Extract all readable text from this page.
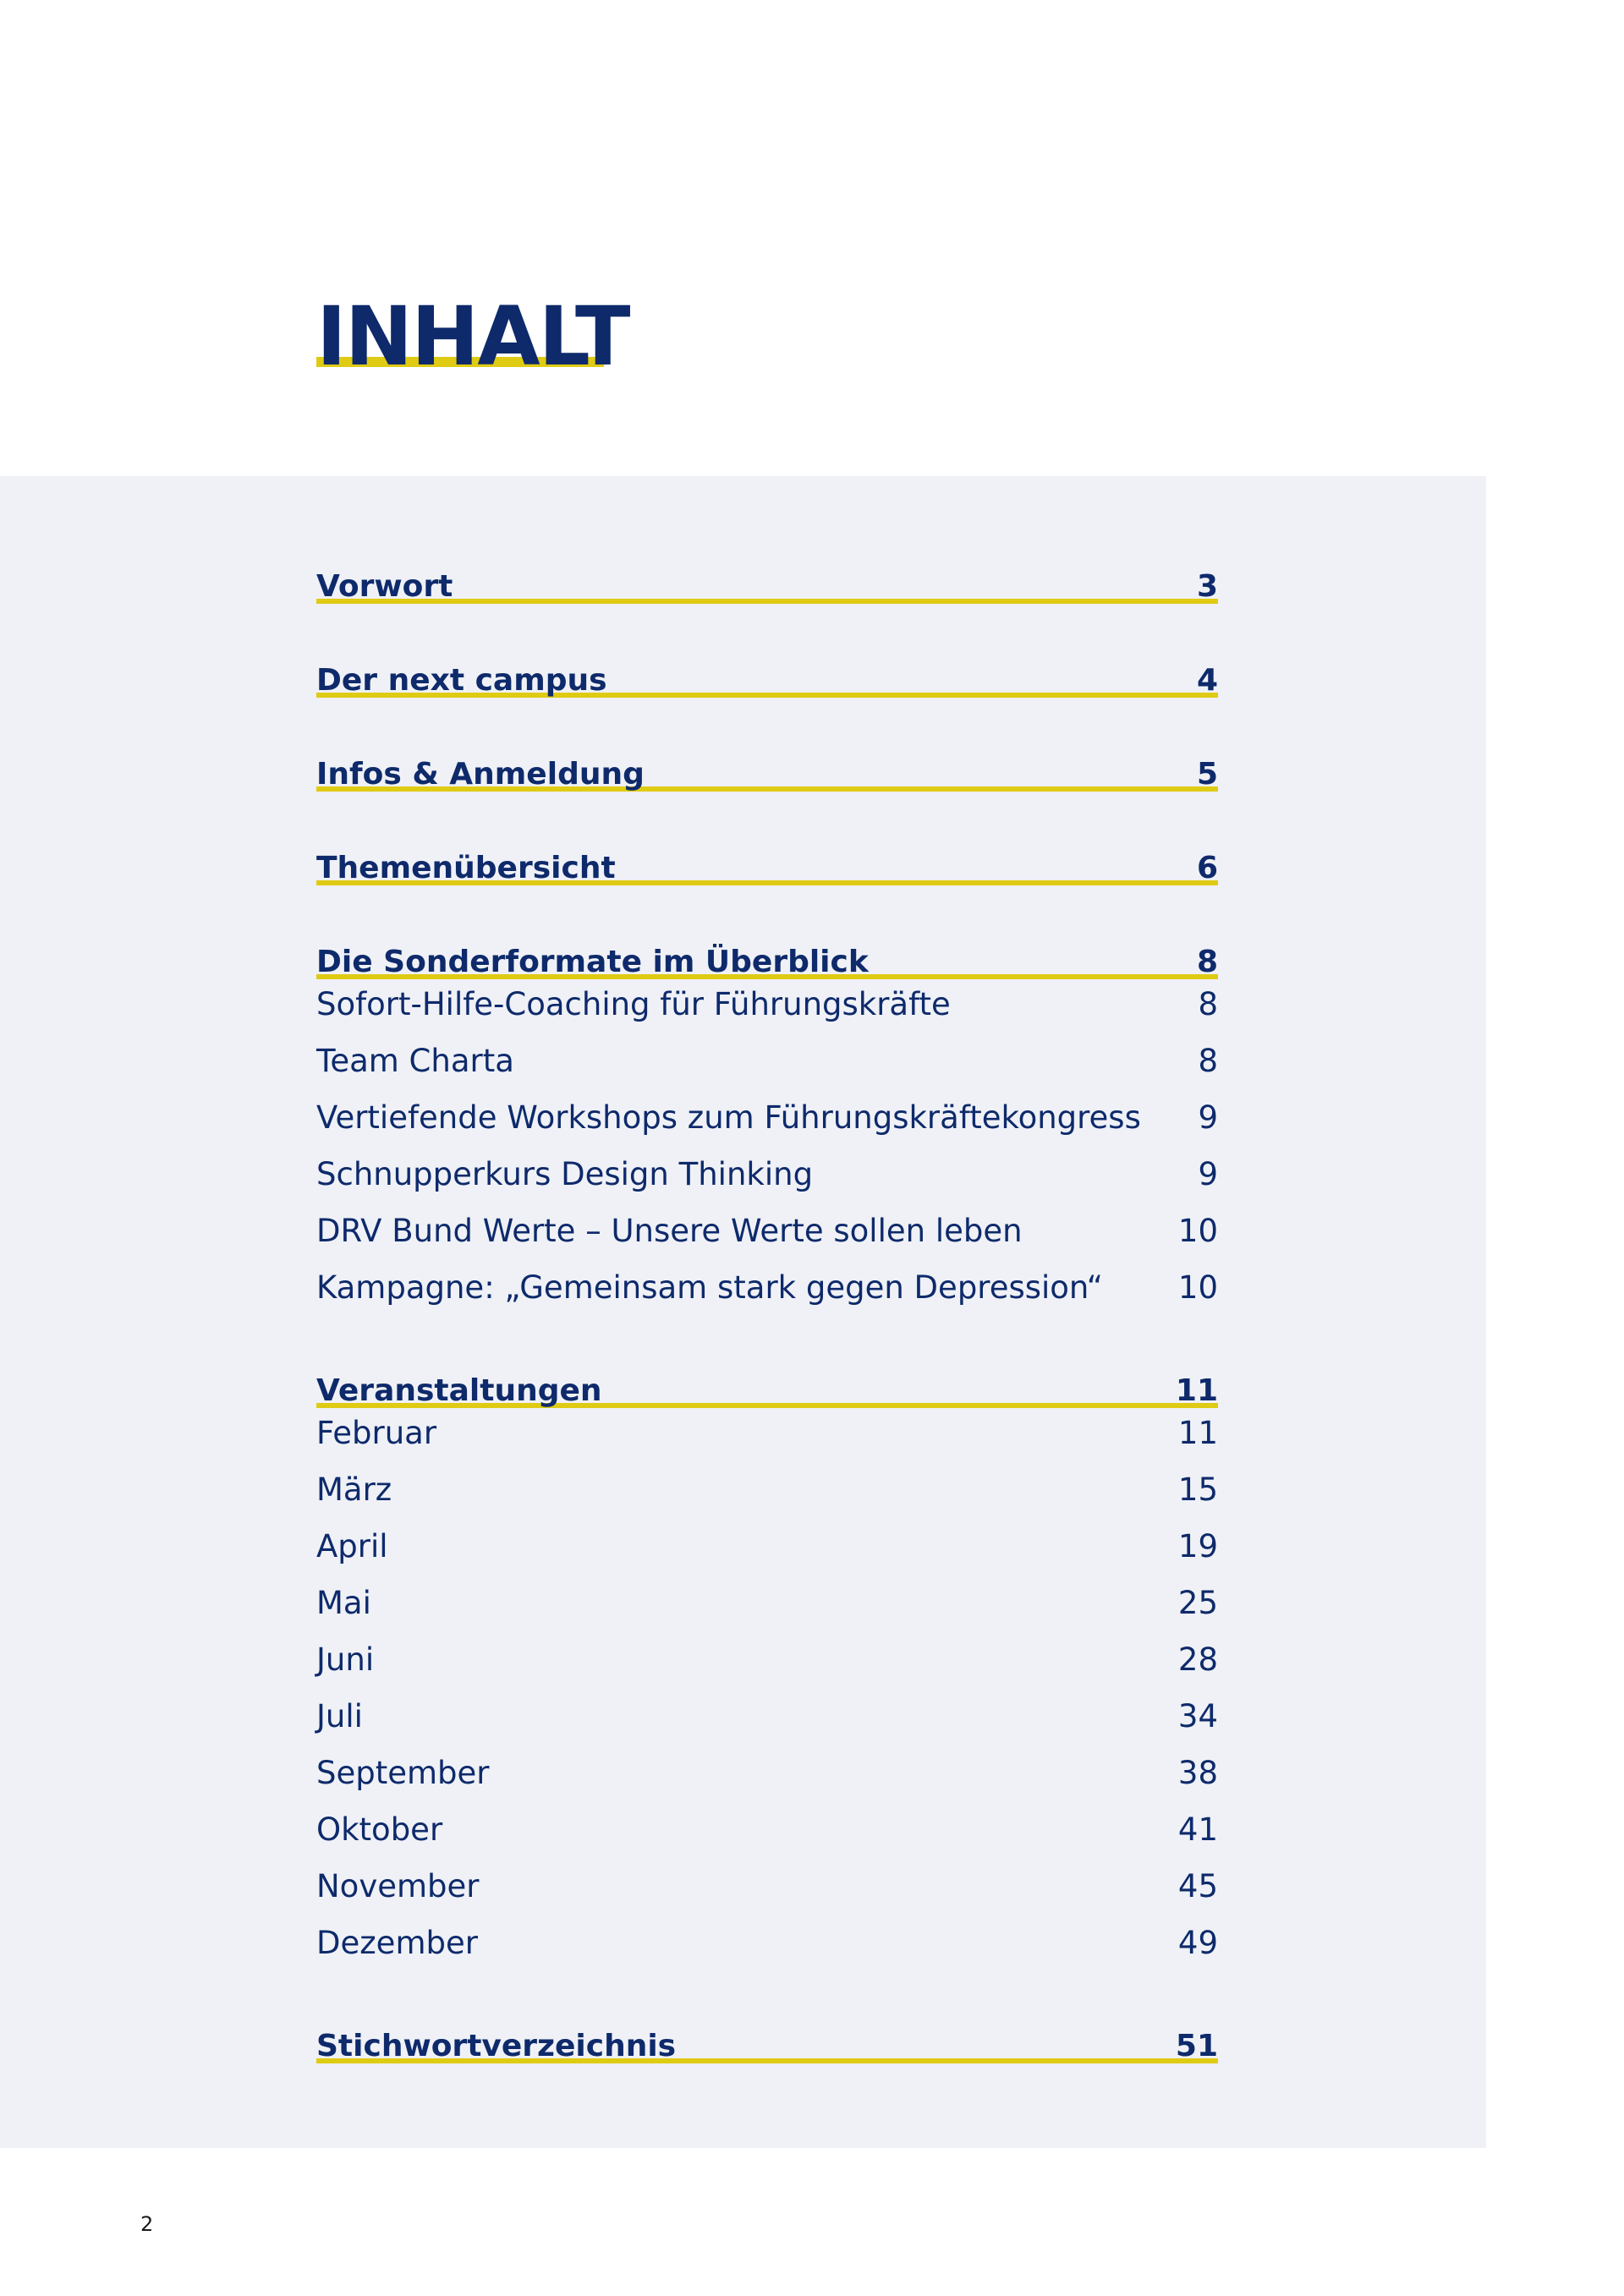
INHALT
Vorwort	3
Der next campus	4
Infos & Anmeldung	5
Themenübersicht	6
Die Sonderformate im Überblick	8
Sofort-Hilfe-Coaching für Führungskräfte	8
Team Charta	8
Vertiefende Workshops zum Führungskräftekongress 9
Schnupperkurs Design Thinking	9
DRV Bund Werte – Unsere Werte sollen leben	10
Kampagne: „Gemeinsam stark gegen Depression“ 10
Veranstaltungen	11
Februar	11
März	15
April	19
Mai	25
Juni	28
Juli	34
September	38
Oktober	41
November	45
Dezember	49
Stichwortverzeichnis	51
2
